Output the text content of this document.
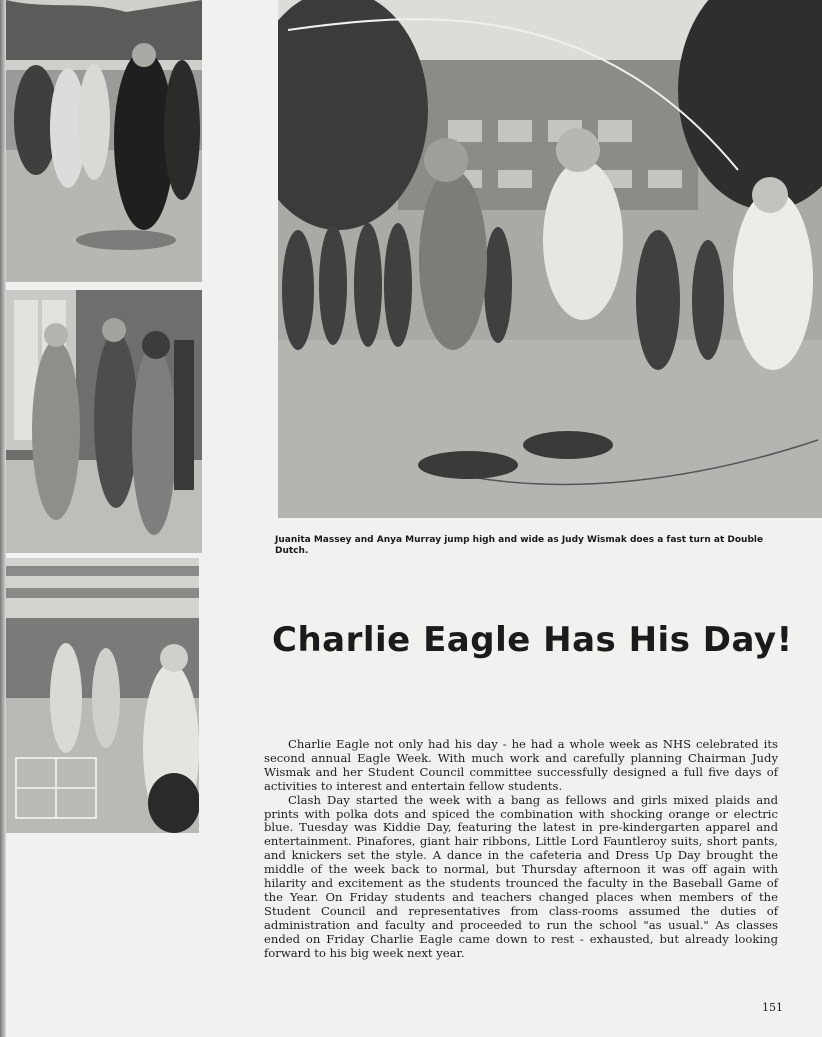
Juanita Massey and Anya Murray jump high and wide as Judy Wismak does a fast turn at Double Dutch.
Charlie Eagle Has His Day!

Charlie Eagle not only had his day - he had a whole week as NHS celebrated its second annual Eagle Week. With much work and carefully planning Chairman Judy Wismak and her Student Council committee successfully designed a full five days of activities to interest and entertain fellow students.

Clash Day started the week with a bang as fellows and girls mixed plaids and prints with polka dots and spiced the combination with shocking orange or electric blue. Tuesday was Kiddie Day, featuring the latest in pre-kindergarten apparel and entertainment. Pinafores, giant hair ribbons, Little Lord Fauntleroy suits, short pants, and knickers set the style. A dance in the cafeteria and Dress Up Day brought the middle of the week back to normal, but Thursday afternoon it was off again with hilarity and excitement as the students trounced the faculty in the Baseball Game of the Year. On Friday students and teachers changed places when members of the Student Council and representatives from class-rooms assumed the duties of administration and faculty and proceeded to run the school "as usual." As classes ended on Friday Charlie Eagle came down to rest - exhausted, but already looking forward to his big week next year.

151
